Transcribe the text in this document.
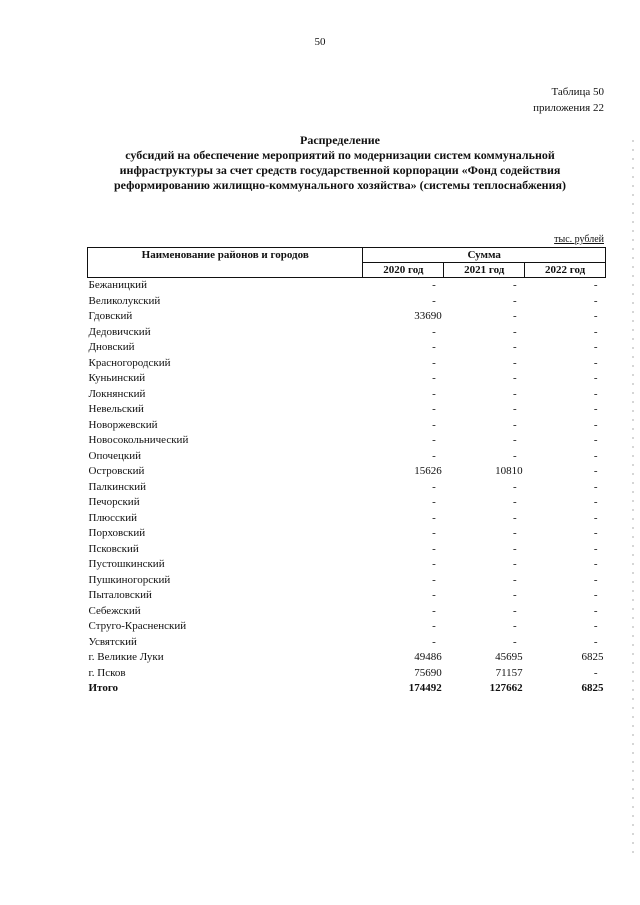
50
Таблица 50
приложения 22
Распределение
субсидий на обеспечение мероприятий по модернизации систем коммунальной
инфраструктуры за счет средств государственной корпорации «Фонд содействия
реформированию жилищно-коммунального хозяйства» (системы теплоснабжения)
тыс. рублей
Наименование районов и городов	Сумма		
	2020 год	2021 год	2022 год
Бежаницкий	-	-	-
Великолукский	-	-	-
Гдовский	33690	-	-
Дедовичский	-	-	-
Дновский	-	-	-
Красногородский	-	-	-
Куньинский	-	-	-
Локнянский	-	-	-
Невельский	-	-	-
Новоржевский	-	-	-
Новосокольнический	-	-	-
Опочецкий	-	-	-
Островский	15626	10810	-
Палкинский	-	-	-
Печорский	-	-	-
Плюсский	-	-	-
Порховский	-	-	-
Псковский	-	-	-
Пустошкинский	-	-	-
Пушкиногорский	-	-	-
Пыталовский	-	-	-
Себежский	-	-	-
Струго-Красненский	-	-	-
Усвятский	-	-	-
г. Великие Луки	49486	45695	6825
г. Псков	75690	71157	-
Итого	174492	127662	6825
